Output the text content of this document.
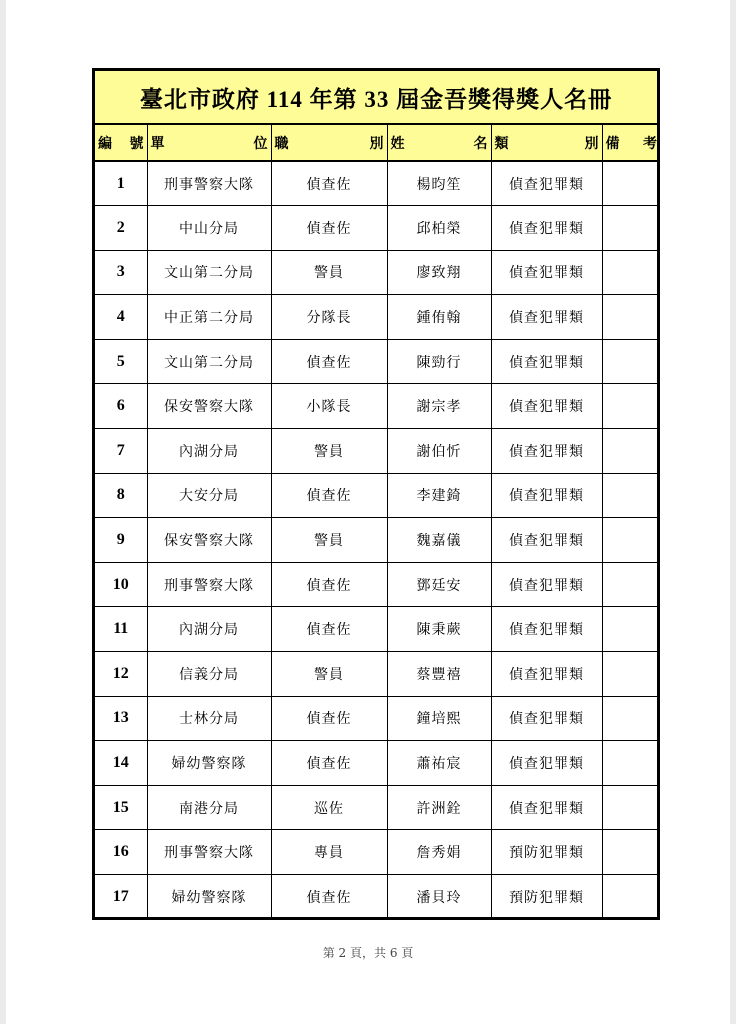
臺北市政府 114 年第 33 屆金吾獎得獎人名冊
編 號	單 位	職 別	姓 名	類 別	備 考

1	刑事警察大隊	偵查佐	楊昀笙	偵查犯罪類	
2	中山分局	偵查佐	邱柏榮	偵查犯罪類	
3	文山第二分局	警員	廖致翔	偵查犯罪類	
4	中正第二分局	分隊長	鍾侑翰	偵查犯罪類	
5	文山第二分局	偵查佐	陳勁行	偵查犯罪類	
6	保安警察大隊	小隊長	謝宗孝	偵查犯罪類	
7	內湖分局	警員	謝伯忻	偵查犯罪類	
8	大安分局	偵查佐	李建錡	偵查犯罪類	
9	保安警察大隊	警員	魏嘉儀	偵查犯罪類	
10	刑事警察大隊	偵查佐	鄧廷安	偵查犯罪類	
11	內湖分局	偵查佐	陳秉蕨	偵查犯罪類	
12	信義分局	警員	蔡豐禧	偵查犯罪類	
13	士林分局	偵查佐	鐘培熙	偵查犯罪類	
14	婦幼警察隊	偵查佐	蕭祐宸	偵查犯罪類	
15	南港分局	巡佐	許洲銓	偵查犯罪類	
16	刑事警察大隊	專員	詹秀娟	預防犯罪類	
17	婦幼警察隊	偵查佐	潘貝玲	預防犯罪類	
第 2 頁，共 6 頁
